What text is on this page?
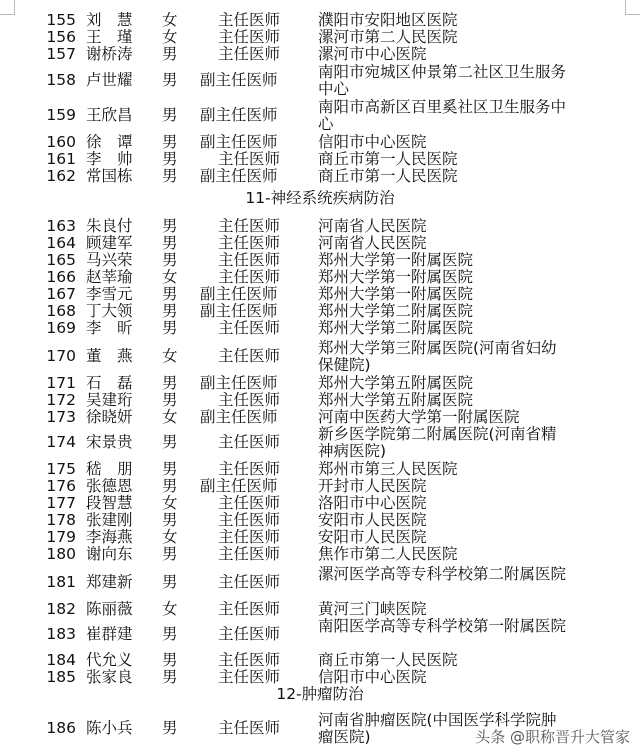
11-神经系统疾病防治
12-肿瘤防治
头条 @职称晋升大管家
155 刘　慧	女	主任医师	濮阳市安阳地区医院
156 王　瑾	女	主任医师	漯河市第二人民医院
157 谢桥涛	男	主任医师	漯河市中心医院
158 卢世耀	男	副主任医师	南阳市宛城区仲景第二社区卫生服务中心
159 王欣昌	男	副主任医师	南阳市高新区百里奚社区卫生服务中心
160 徐　谭	男	副主任医师	信阳市中心医院
161 李　帅	男	主任医师	商丘市第一人民医院
162 常国栋	男	副主任医师	商丘市第一人民医院
163 朱良付	男	主任医师	河南省人民医院
164 顾建军	男	主任医师	河南省人民医院
165 马兴荣	男	主任医师	郑州大学第一附属医院
166 赵莘瑜	女	主任医师	郑州大学第一附属医院
167 李雪元	男	副主任医师	郑州大学第一附属医院
168 丁大领	男	副主任医师	郑州大学第二附属医院
169 李　昕	男	主任医师	郑州大学第二附属医院
170 董　燕	女	主任医师	郑州大学第三附属医院(河南省妇幼保健院)
171 石　磊	男	副主任医师	郑州大学第五附属医院
172 吴建珩	男	主任医师	郑州大学第五附属医院
173 徐晓妍	女	副主任医师	河南中医药大学第一附属医院
174 宋景贵	男	主任医师	新乡医学院第二附属医院(河南省精神病医院)
175 嵇　朋	男	主任医师	郑州市第三人民医院
176 张德恩	男	副主任医师	开封市人民医院
177 段智慧	女	主任医师	洛阳市中心医院
178 张建刚	男	主任医师	安阳市人民医院
179 李海燕	女	主任医师	安阳市人民医院
180 谢向东	男	主任医师	焦作市第二人民医院
181 郑建新	男	主任医师	漯河医学高等专科学校第二附属医院
182 陈丽薇	女	主任医师	黄河三门峡医院
183 崔群建	男	主任医师	南阳医学高等专科学校第一附属医院
184 代允义	男	主任医师	商丘市第一人民医院
185 张家良	男	主任医师	信阳市中心医院
186 陈小兵	男	主任医师	河南省肿瘤医院(中国医学科学院肿瘤医院)
